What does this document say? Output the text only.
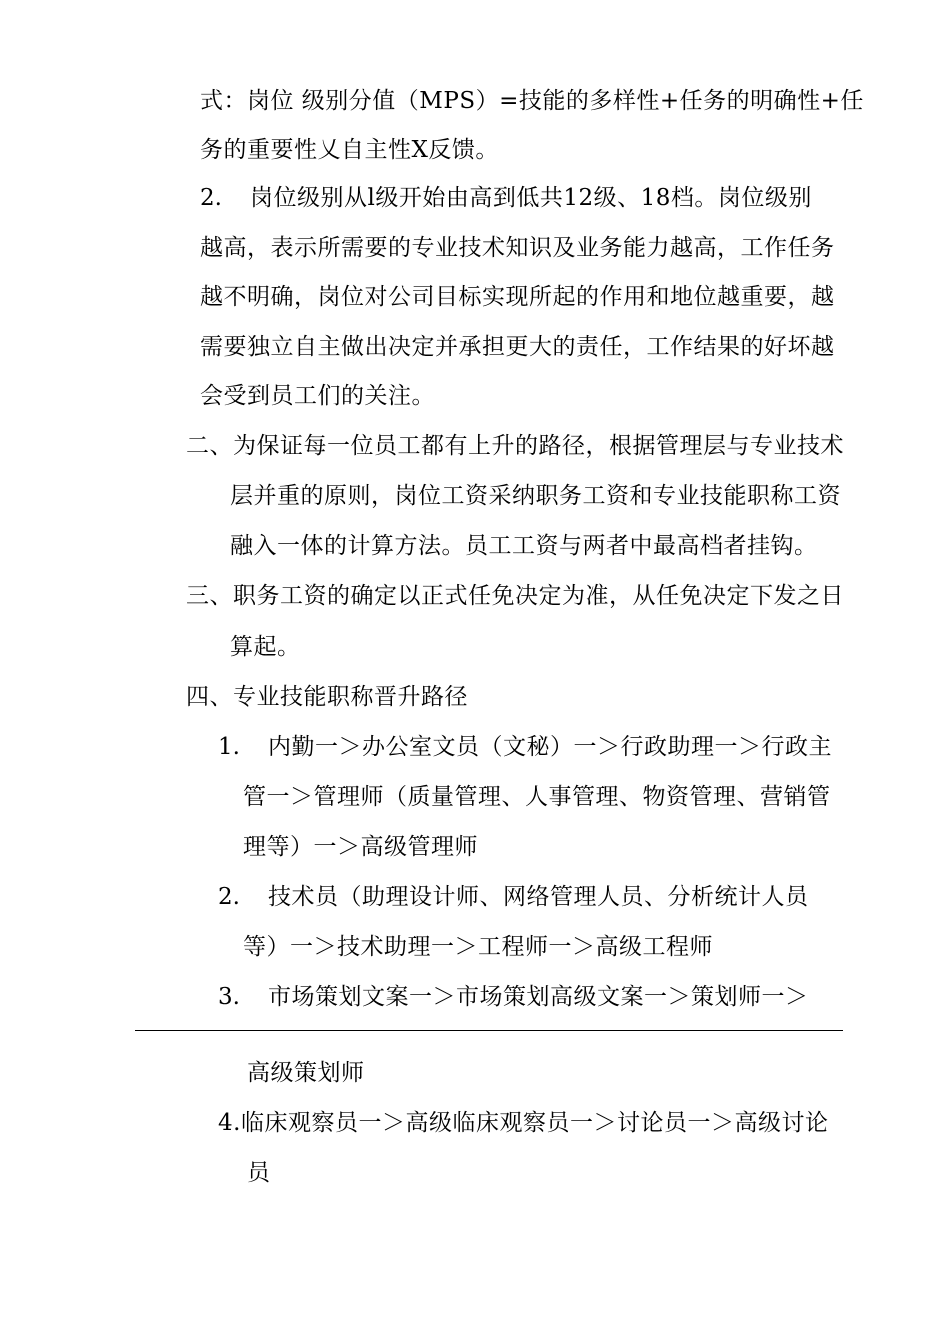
式：岗位 级别分值（MPS）=技能的多样性+任务的明确性+任
务的重要性乂自主性X反馈。
2. 岗位级别从l级开始由高到低共12级、18档。岗位级别
越高，表示所需要的专业技术知识及业务能力越高，工作任务
越不明确，岗位对公司目标实现所起的作用和地位越重要，越
需要独立自主做出决定并承担更大的责任，工作结果的好坏越
会受到员工们的关注。
二、为保证每一位员工都有上升的路径，根据管理层与专业技术
层并重的原则，岗位工资采纳职务工资和专业技能职称工资
融入一体的计算方法。员工工资与两者中最高档者挂钩。
三、职务工资的确定以正式任免决定为准，从任免决定下发之日
算起。
四、专业技能职称晋升路径
1. 内勤一＞办公室文员（文秘）一＞行政助理一＞行政主
管一＞管理师（质量管理、人事管理、物资管理、营销管
理等）一＞高级管理师
2. 技术员（助理设计师、网络管理人员、分析统计人员
等）一＞技术助理一＞工程师一＞高级工程师
3. 市场策划文案一＞市场策划高级文案一＞策划师一＞
高级策划师
4.临床观察员一＞高级临床观察员一＞讨论员一＞高级讨论
员
